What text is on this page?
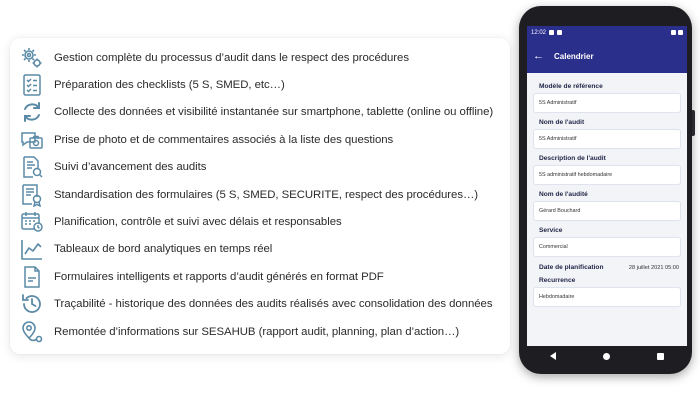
Gestion complète du processus d’audit dans le respect des procédures
Préparation des checklists (5 S, SMED, etc…)
Collecte des données et visibilité instantanée sur smartphone, tablette (online ou offline)
Prise de photo et de commentaires associés à la liste des questions
Suivi d’avancement des audits
Standardisation des formulaires (5 S, SMED, SECURITE, respect des procédures…)
Planification, contrôle et suivi avec délais et responsables
Tableaux de bord analytiques en temps réel
Formulaires intelligents et rapports d’audit générés en format PDF
Traçabilité - historique des données des audits réalisés avec consolidation des données
Remontée d’informations sur SESAHUB (rapport audit, planning, plan d’action…)
12:02
←	Calendrier
Modèle de référence
5S Administratif
Nom de l'audit
5S Administratif
Description de l'audit
5S administratif hebdomadaire
Nom de l'audité
Gérard Bouchard
Service
Commercial
Date de planification	28 juillet 2021 05:00
Recurrence
Hebdomadaire
